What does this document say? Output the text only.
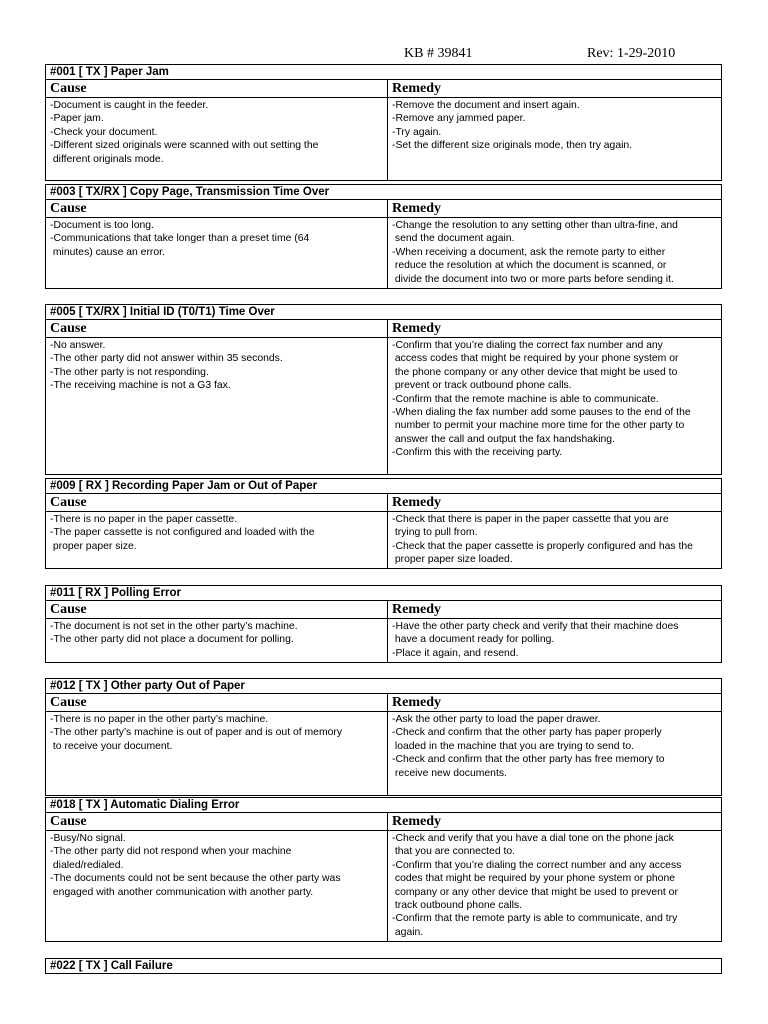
KB # 39841	Rev: 1-29-2010
#001 [ TX ] Paper Jam
Cause
-Document is caught in the feeder.
-Paper jam.
-Check your document.
-Different sized originals were scanned with out setting the
different originals mode.
Remedy
-Remove the document and insert again.
-Remove any jammed paper.
-Try again.
-Set the different size originals mode, then try again.
#003 [ TX/RX ] Copy Page, Transmission Time Over
Cause
-Document is too long.
-Communications that take longer than a preset time (64
minutes) cause an error.
Remedy
-Change the resolution to any setting other than ultra-fine, and
send the document again.
-When receiving a document, ask the remote party to either
reduce the resolution at which the document is scanned, or
divide the document into two or more parts before sending it.
#005 [ TX/RX ] Initial ID (T0/T1) Time Over
Cause
-No answer.
-The other party did not answer within 35 seconds.
-The other party is not responding.
-The receiving machine is not a G3 fax.
Remedy
-Confirm that you’re dialing the correct fax number and any
access codes that might be required by your phone system or
the phone company or any other device that might be used to
prevent or track outbound phone calls.
-Confirm that the remote machine is able to communicate.
-When dialing the fax number add some pauses to the end of the
number to permit your machine more time for the other party to
answer the call and output the fax handshaking.
-Confirm this with the receiving party.
#009 [ RX ] Recording Paper Jam or Out of Paper
Cause
-There is no paper in the paper cassette.
-The paper cassette is not configured and loaded with the
proper paper size.
Remedy
-Check that there is paper in the paper cassette that you are
trying to pull from.
-Check that the paper cassette is properly configured and has the
proper paper size loaded.
#011 [ RX ] Polling Error
Cause
-The document is not set in the other party’s machine.
-The other party did not place a document for polling.
Remedy
-Have the other party check and verify that their machine does
have a document ready for polling.
-Place it again, and resend.
#012 [ TX ] Other party Out of Paper
Cause
-There is no paper in the other party’s machine.
-The other party’s machine is out of paper and is out of memory
to receive your document.
Remedy
-Ask the other party to load the paper drawer.
-Check and confirm that the other party has paper properly
loaded in the machine that you are trying to send to.
-Check and confirm that the other party has free memory to
receive new documents.
#018 [ TX ] Automatic Dialing Error
Cause
-Busy/No signal.
-The other party did not respond when your machine
dialed/redialed.
-The documents could not be sent because the other party was
engaged with another communication with another party.
Remedy
-Check and verify that you have a dial tone on the phone jack
that you are connected to.
-Confirm that you’re dialing the correct number and any access
codes that might be required by your phone system or phone
company or any other device that might be used to prevent or
track outbound phone calls.
-Confirm that the remote party is able to communicate, and try
again.
#022 [ TX ] Call Failure
